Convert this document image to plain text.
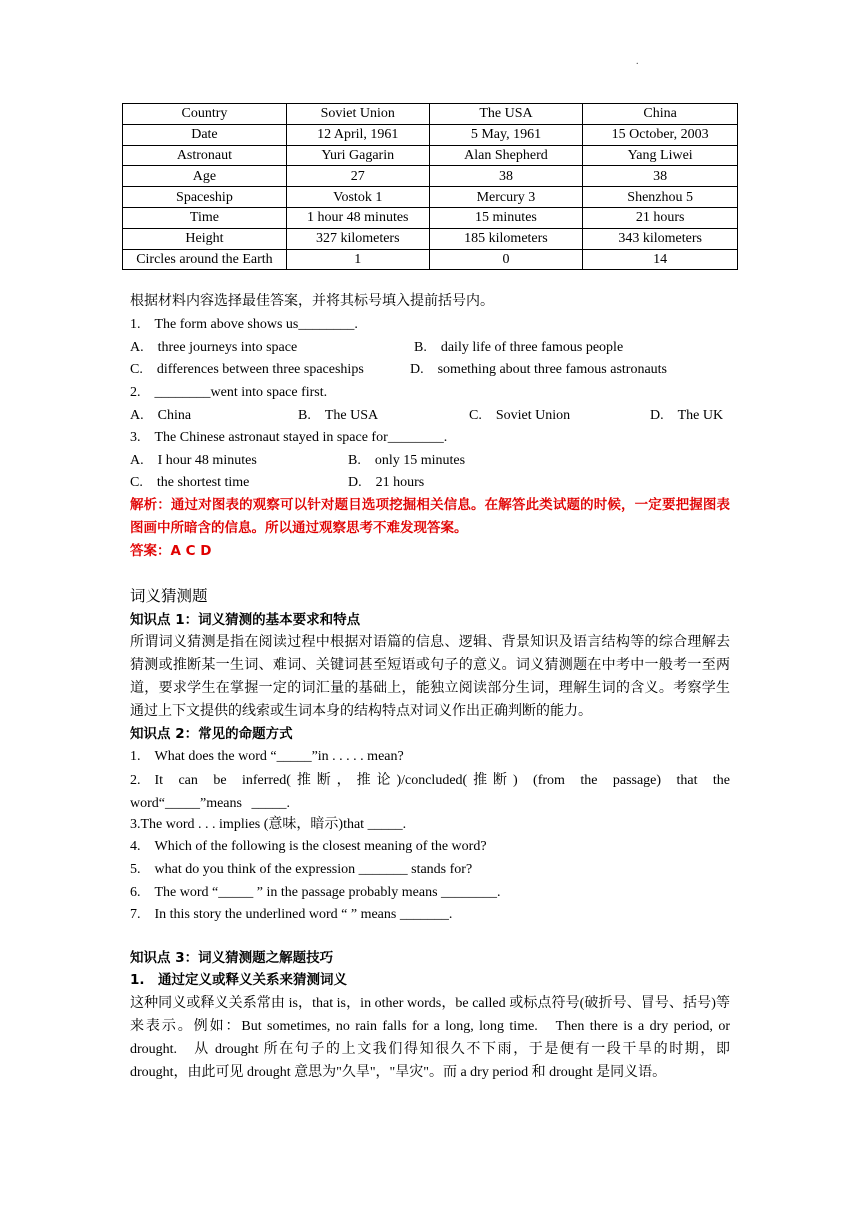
.
Country	Soviet Union	The USA	China
Date	12 April, 1961	5 May, 1961	15 October, 2003
Astronaut	Yuri Gagarin	Alan Shepherd	Yang Liwei
Age	27	38	38
Spaceship	Vostok 1	Mercury 3	Shenzhou 5
Time	1 hour 48 minutes	15 minutes	21 hours
Height	327 kilometers	185 kilometers	343 kilometers
Circles around the Earth	1	0	14
根据材料内容选择最佳答案，并将其标号填入提前括号内。
1. The form above shows us________.
A. three journeys into space	B. daily life of three famous people
C. differences between three spaceships	D. something about three famous astronauts
2. ________went into space first.
A. China	B. The USA	C. Soviet Union	D. The UK
3. The Chinese astronaut stayed in space for________.
A. I hour 48 minutes	B. only 15 minutes
C. the shortest time	D. 21 hours
解析：通过对图表的观察可以针对题目选项挖掘相关信息。在解答此类试题的时候，一定要把握图表图画中所暗含的信息。所以通过观察思考不难发现答案。
答案：A C D
词义猜测题
知识点 1：词义猜测的基本要求和特点
所谓词义猜测是指在阅读过程中根据对语篇的信息、逻辑、背景知识及语言结构等的综合理解去猜测或推断某一生词、难词、关键词甚至短语或句子的意义。词义猜测题在中考中一般考一至两道，要求学生在掌握一定的词汇量的基础上，能独立阅读部分生词，理解生词的含义。考察学生通过上下文提供的线索或生词本身的结构特点对词义作出正确判断的能力。
知识点 2：常见的命题方式
1. What does the word “_____”in . . . . . mean?
2. It can be inferred(推断，推论)/concluded(推断) (from the passage) that the word“_____”means _____.
3.The word . . . implies (意味，暗示)that _____.
4. Which of the following is the closest meaning of the word?
5. what do you think of the expression _______ stands for?
6. The word “_____ ” in the passage probably means ________.
7. In this story the underlined word “ ” means _______.
知识点 3：词义猜测题之解题技巧
1. 通过定义或释义关系来猜测词义
这种同义或释义关系常由 is，that is，in other words，be called 或标点符号(破折号、冒号、括号)等来表示。例如：But sometimes, no rain falls for a long, long time.　Then there is a dry period, or drought.　从 drought 所在句子的上文我们得知很久不下雨，于是便有一段干旱的时期，即 drought，由此可见 drought 意思为"久旱"，"旱灾"。而 a dry period 和 drought 是同义语。
